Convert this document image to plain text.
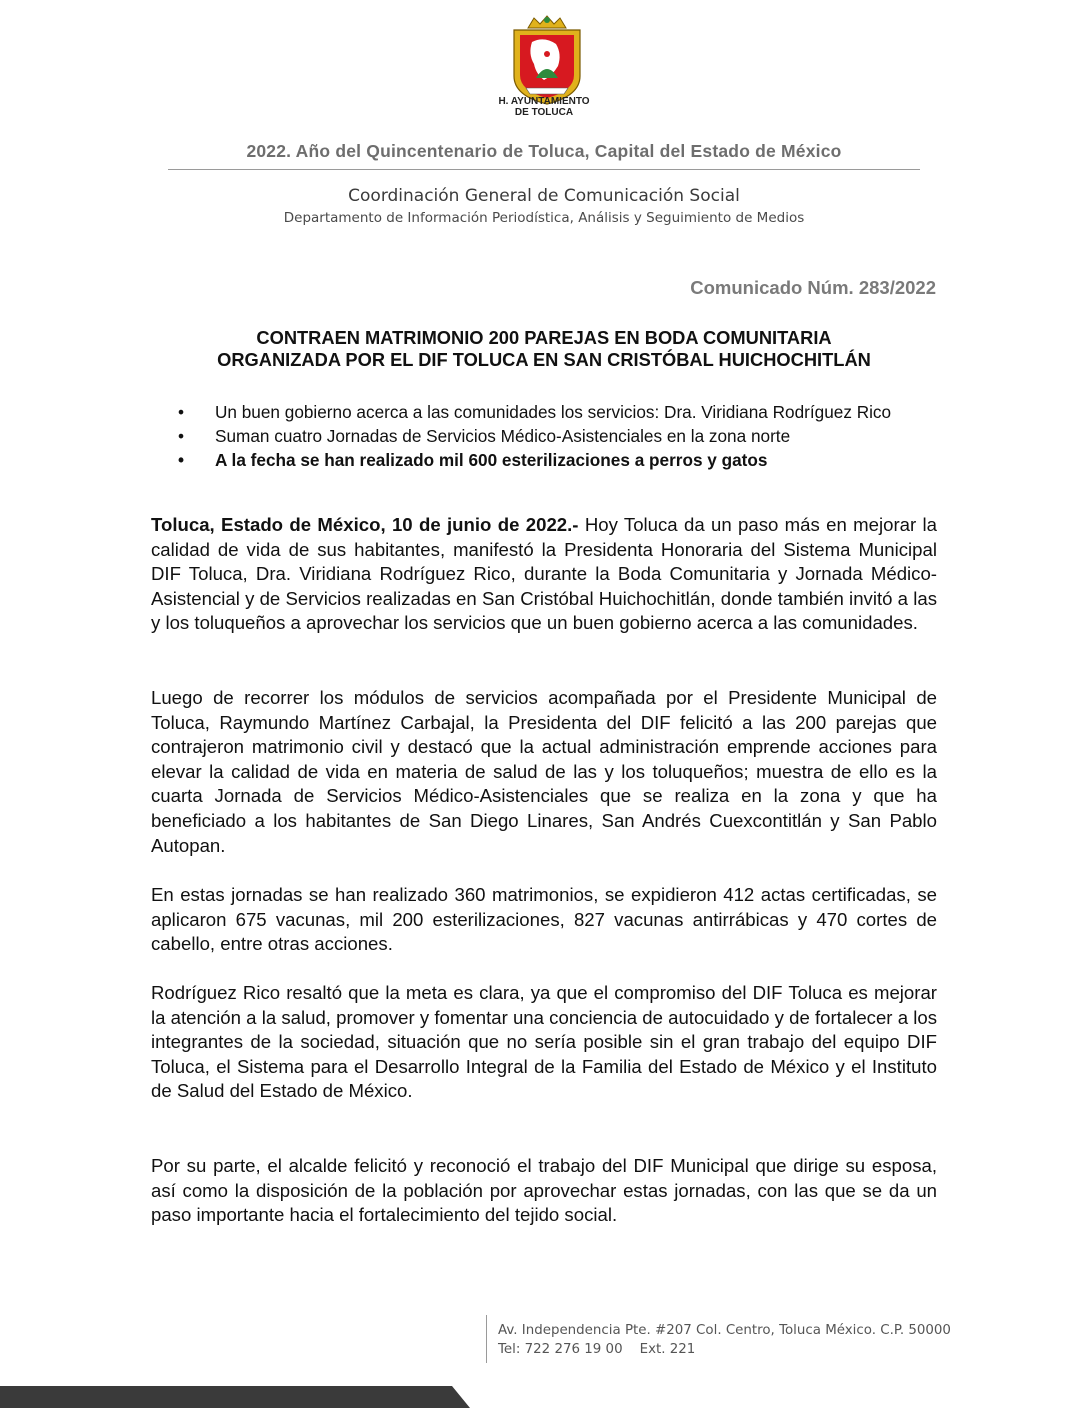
H. AYUNTAMIENTO
DE TOLUCA
2022. Año del Quincentenario de Toluca, Capital del Estado de México
Coordinación General de Comunicación Social
Departamento de Información Periodística, Análisis y Seguimiento de Medios
Comunicado Núm. 283/2022
CONTRAEN MATRIMONIO 200 PAREJAS EN BODA COMUNITARIA
ORGANIZADA POR EL DIF TOLUCA EN SAN CRISTÓBAL HUICHOCHITLÁN
• Un buen gobierno acerca a las comunidades los servicios: Dra. Viridiana Rodríguez Rico
• Suman cuatro Jornadas de Servicios Médico-Asistenciales en la zona norte
• A la fecha se han realizado mil 600 esterilizaciones a perros y gatos

Toluca, Estado de México, 10 de junio de 2022.- Hoy Toluca da un paso más en mejorar la calidad de vida de sus habitantes, manifestó la Presidenta Honoraria del Sistema Municipal DIF Toluca, Dra. Viridiana Rodríguez Rico, durante la Boda Comunitaria y Jornada Médico-Asistencial y de Servicios realizadas en San Cristóbal Huichochitlán, donde también invitó a las y los toluqueños a aprovechar los servicios que un buen gobierno acerca a las comunidades.

Luego de recorrer los módulos de servicios acompañada por el Presidente Municipal de Toluca, Raymundo Martínez Carbajal, la Presidenta del DIF felicitó a las 200 parejas que contrajeron matrimonio civil y destacó que la actual administración emprende acciones para elevar la calidad de vida en materia de salud de las y los toluqueños; muestra de ello es la cuarta Jornada de Servicios Médico-Asistenciales que se realiza en la zona y que ha beneficiado a los habitantes de San Diego Linares, San Andrés Cuexcontitlán y San Pablo Autopan.

En estas jornadas se han realizado 360 matrimonios, se expidieron 412 actas certificadas, se aplicaron 675 vacunas, mil 200 esterilizaciones, 827 vacunas antirrábicas y 470 cortes de cabello, entre otras acciones.

Rodríguez Rico resaltó que la meta es clara, ya que el compromiso del DIF Toluca es mejorar la atención a la salud, promover y fomentar una conciencia de autocuidado y de fortalecer a los integrantes de la sociedad, situación que no sería posible sin el gran trabajo del equipo DIF Toluca, el Sistema para el Desarrollo Integral de la Familia del Estado de México y el Instituto de Salud del Estado de México.

Por su parte, el alcalde felicitó y reconoció el trabajo del DIF Municipal que dirige su esposa, así como la disposición de la población por aprovechar estas jornadas, con las que se da un paso importante hacia el fortalecimiento del tejido social.

Av. Independencia Pte. #207 Col. Centro, Toluca México. C.P. 50000
Tel: 722 276 19 00    Ext. 221
